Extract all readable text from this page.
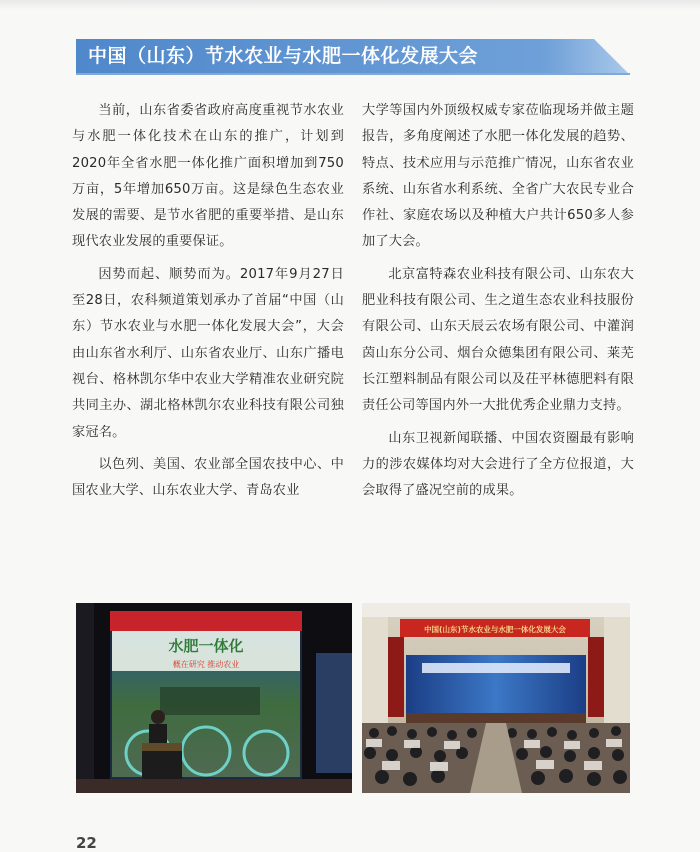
中国（山东）节水农业与水肥一体化发展大会

当前，山东省委省政府高度重视节水农业与水肥一体化技术在山东的推广，计划到2020年全省水肥一体化推广面积增加到750万亩，5年增加650万亩。这是绿色生态农业发展的需要、是节水省肥的重要举措、是山东现代农业发展的重要保证。

因势而起、顺势而为。2017年9月27日至28日，农科频道策划承办了首届“中国（山东）节水农业与水肥一体化发展大会”，大会由山东省水利厅、山东省农业厅、山东广播电视台、格林凯尔华中农业大学精准农业研究院共同主办、湖北格林凯尔农业科技有限公司独家冠名。

以色列、美国、农业部全国农技中心、中国农业大学、山东农业大学、青岛农业

大学等国内外顶级权威专家莅临现场并做主题报告，多角度阐述了水肥一体化发展的趋势、特点、技术应用与示范推广情况，山东省农业系统、山东省水利系统、全省广大农民专业合作社、家庭农场以及种植大户共计650多人参加了大会。

北京富特森农业科技有限公司、山东农大肥业科技有限公司、生之道生态农业科技服份有限公司、山东天辰云农场有限公司、中灌润茵山东分公司、烟台众德集团有限公司、莱芜长江塑料制品有限公司以及茌平林德肥料有限责任公司等国内外一大批优秀企业鼎力支持。

山东卫视新闻联播、中国农资圈最有影响力的涉农媒体均对大会进行了全方位报道，大会取得了盛况空前的成果。

水肥一体化
概在研究 推动农业
中国(山东)节水农业与水肥一体化发展大会
22
